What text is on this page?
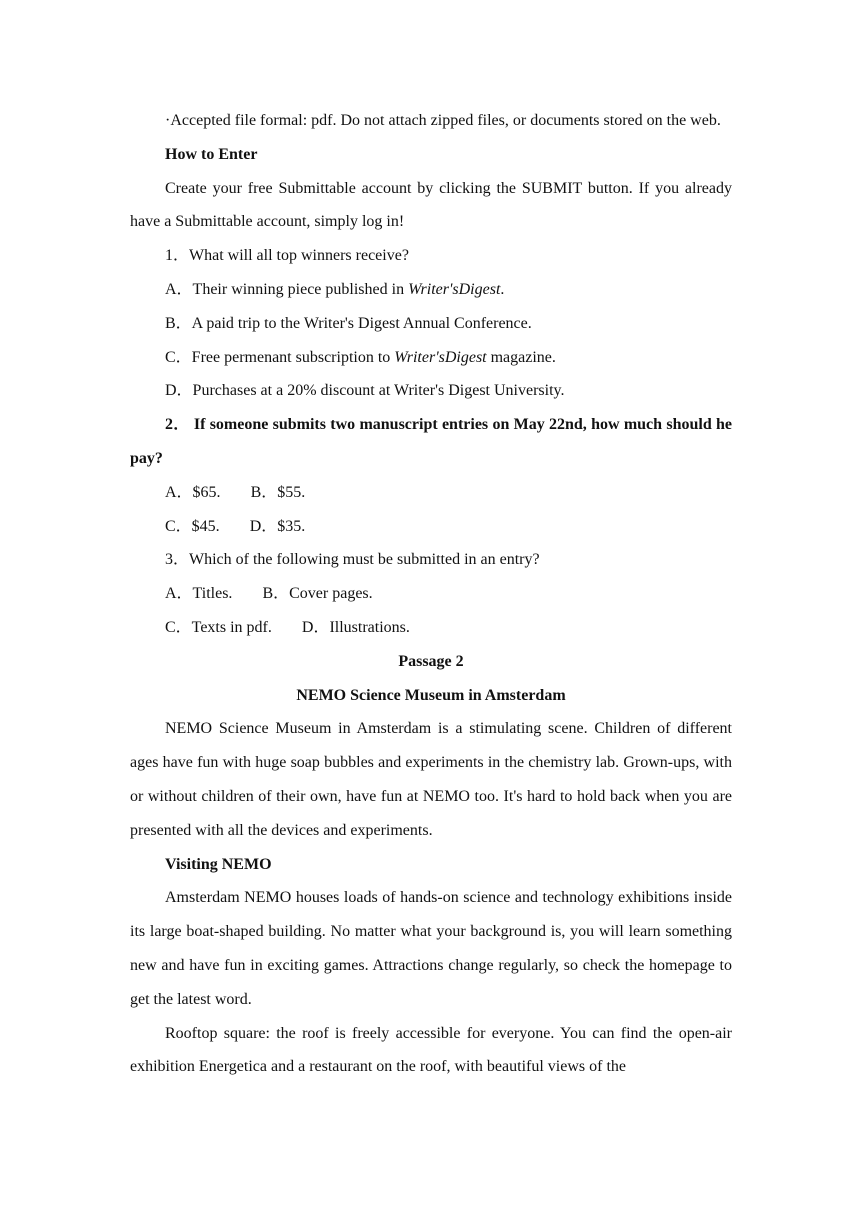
·Accepted file formal: pdf. Do not attach zipped files, or documents stored on the web.

How to Enter

Create your free Submittable account by clicking the SUBMIT button. If you already have a Submittable account, simply log in!

1．What will all top winners receive?

A．Their winning piece published in Writer'sDigest.

B．A paid trip to the Writer's Digest Annual Conference.

C．Free permenant subscription to Writer'sDigest magazine.

D．Purchases at a 20% discount at Writer's Digest University.

2． If someone submits two manuscript entries on May 22nd, how much should he pay?

A．$65. B．$55.

C．$45. D．$35.

3．Which of the following must be submitted in an entry?

A．Titles. B．Cover pages.

C．Texts in pdf. D．Illustrations.

Passage 2

NEMO Science Museum in Amsterdam

NEMO Science Museum in Amsterdam is a stimulating scene. Children of different ages have fun with huge soap bubbles and experiments in the chemistry lab. Grown-ups, with or without children of their own, have fun at NEMO too. It's hard to hold back when you are presented with all the devices and experiments.

Visiting NEMO

Amsterdam NEMO houses loads of hands-on science and technology exhibitions inside its large boat-shaped building. No matter what your background is, you will learn something new and have fun in exciting games. Attractions change regularly, so check the homepage to get the latest word.

Rooftop square: the roof is freely accessible for everyone. You can find the open-air exhibition Energetica and a restaurant on the roof, with beautiful views of the
